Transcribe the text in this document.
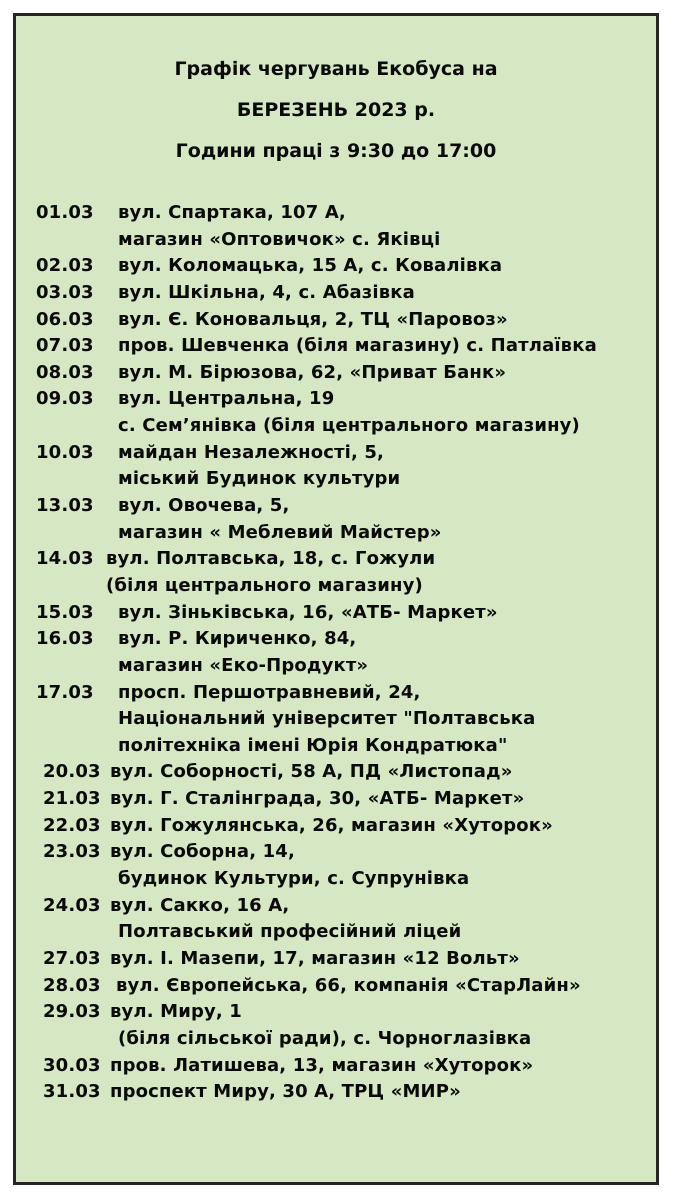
Графік чергувань Екобуса на
БЕРЕЗЕНЬ 2023 р.
Години праці з 9:30 до 17:00
01.03 вул. Спартака, 107 А,
магазин «Оптовичок» с. Яківці
02.03 вул. Коломацька, 15 А, с. Ковалівка
03.03 вул. Шкільна, 4, с. Абазівка
06.03 вул. Є. Коновальця, 2, ТЦ «Паровоз»
07.03 пров. Шевченка (біля магазину) с. Патлаївка
08.03 вул. М. Бірюзова, 62, «Приват Банк»
09.03 вул. Центральна, 19
с. Сем’янівка (біля центрального магазину)
10.03 майдан Незалежності, 5,
міський Будинок культури
13.03 вул. Овочева, 5,
магазин « Меблевий Майстер»
14.03 вул. Полтавська, 18, с. Гожули
(біля центрального магазину)
15.03 вул. Зіньківська, 16, «АТБ- Маркет»
16.03 вул. Р. Кириченко, 84,
магазин «Еко-Продукт»
17.03 просп. Першотравневий, 24,
Національний університет "Полтавська
політехніка імені Юрія Кондратюка"
20.03 вул. Соборності, 58 А, ПД «Листопад»
21.03 вул. Г. Сталінграда, 30, «АТБ- Маркет»
22.03 вул. Гожулянська, 26, магазин «Хуторок»
23.03 вул. Соборна, 14,
будинок Культури, с. Супрунівка
24.03 вул. Сакко, 16 А,
Полтавський професійний ліцей
27.03 вул. І. Мазепи, 17, магазин «12 Вольт»
28.03 вул. Європейська, 66, компанія «СтарЛайн»
29.03 вул. Миру, 1
(біля сільської ради), с. Чорноглазівка
30.03 пров. Латишева, 13, магазин «Хуторок»
31.03 проспект Миру, 30 А, ТРЦ «МИР»
